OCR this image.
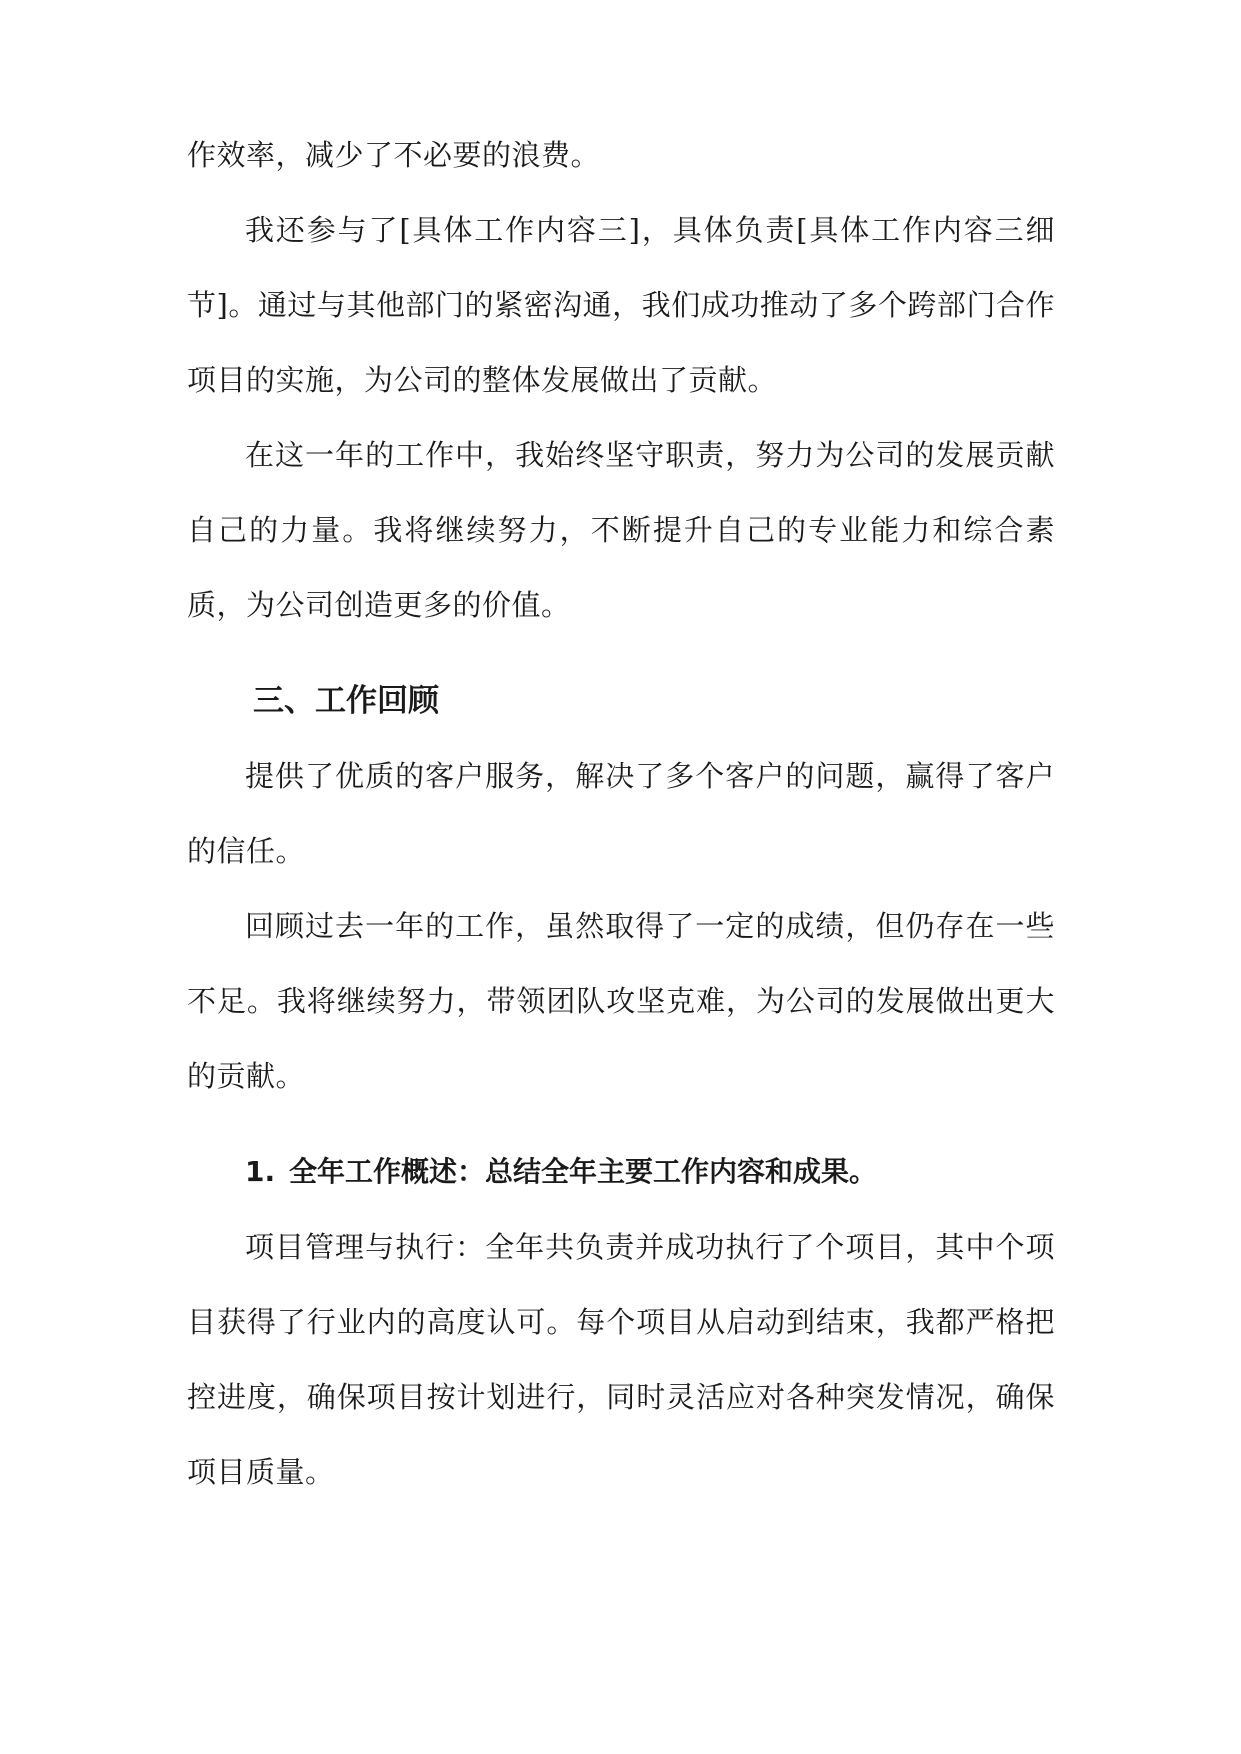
作效率，减少了不必要的浪费。

我还参与了[具体工作内容三]，具体负责[具体工作内容三细节]。通过与其他部门的紧密沟通，我们成功推动了多个跨部门合作项目的实施，为公司的整体发展做出了贡献。

在这一年的工作中，我始终坚守职责，努力为公司的发展贡献自己的力量。我将继续努力，不断提升自己的专业能力和综合素质，为公司创造更多的价值。

三、工作回顾

提供了优质的客户服务，解决了多个客户的问题，赢得了客户的信任。

回顾过去一年的工作，虽然取得了一定的成绩，但仍存在一些不足。我将继续努力，带领团队攻坚克难，为公司的发展做出更大的贡献。

1. 全年工作概述：总结全年主要工作内容和成果。

项目管理与执行：全年共负责并成功执行了个项目，其中个项目获得了行业内的高度认可。每个项目从启动到结束，我都严格把控进度，确保项目按计划进行，同时灵活应对各种突发情况，确保项目质量。
